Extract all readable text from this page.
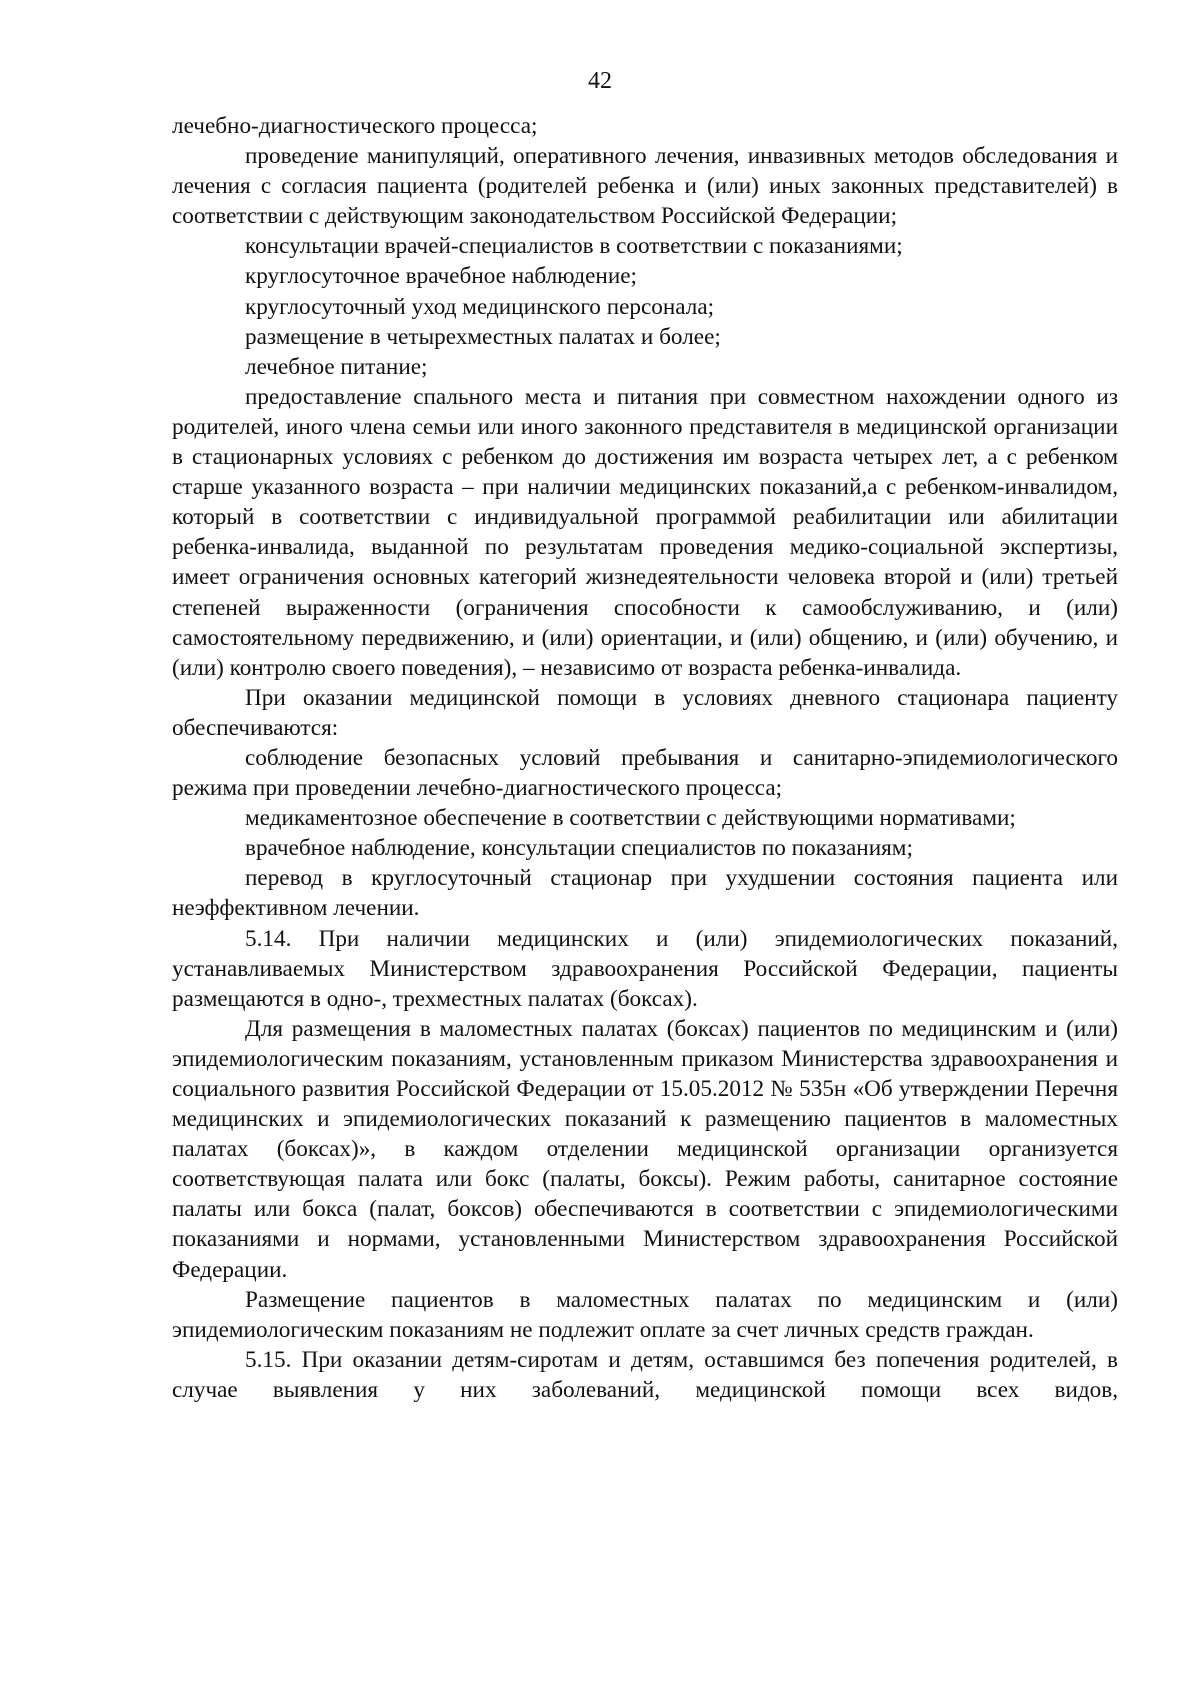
42

лечебно-диагностического процесса;

проведение манипуляций, оперативного лечения, инвазивных методов обследования и лечения с согласия пациента (родителей ребенка и (или) иных законных представителей) в соответствии с действующим законодательством Российской Федерации;

консультации врачей-специалистов в соответствии с показаниями;

круглосуточное врачебное наблюдение;

круглосуточный уход медицинского персонала;

размещение в четырехместных палатах и более;

лечебное питание;

предоставление спального места и питания при совместном нахождении одного из родителей, иного члена семьи или иного законного представителя в медицинской организации в стационарных условиях с ребенком до достижения им возраста четырех лет, а с ребенком старше указанного возраста – при наличии медицинских показаний,а с ребенком-инвалидом, который в соответствии с индивидуальной программой реабилитации или абилитации ребенка-инвалида, выданной по результатам проведения медико-социальной экспертизы, имеет ограничения основных категорий жизнедеятельности человека второй и (или) третьей степеней выраженности (ограничения способности к самообслуживанию, и (или) самостоятельному передвижению, и (или) ориентации, и (или) общению, и (или) обучению, и (или) контролю своего поведения), – независимо от возраста ребенка-инвалида.

При оказании медицинской помощи в условиях дневного стационара пациенту обеспечиваются:

соблюдение безопасных условий пребывания и санитарно-эпидемиологического режима при проведении лечебно-диагностического процесса;

медикаментозное обеспечение в соответствии с действующими нормативами;

врачебное наблюдение, консультации специалистов по показаниям;

перевод в круглосуточный стационар при ухудшении состояния пациента или неэффективном лечении.

5.14. При наличии медицинских и (или) эпидемиологических показаний, устанавливаемых Министерством здравоохранения Российской Федерации, пациенты размещаются в одно-, трехместных палатах (боксах).

Для размещения в маломестных палатах (боксах) пациентов по медицинским и (или) эпидемиологическим показаниям, установленным приказом Министерства здравоохранения и социального развития Российской Федерации от 15.05.2012 № 535н «Об утверждении Перечня медицинских и эпидемиологических показаний к размещению пациентов в маломестных палатах (боксах)», в каждом отделении медицинской организации организуется соответствующая палата или бокс (палаты, боксы). Режим работы, санитарное состояние палаты или бокса (палат, боксов) обеспечиваются в соответствии с эпидемиологическими показаниями и нормами, установленными Министерством здравоохранения Российской Федерации.

Размещение пациентов в маломестных палатах по медицинским и (или) эпидемиологическим показаниям не подлежит оплате за счет личных средств граждан.

5.15. При оказании детям-сиротам и детям, оставшимся без попечения родителей, в случае выявления у них заболеваний, медицинской помощи всех видов,
